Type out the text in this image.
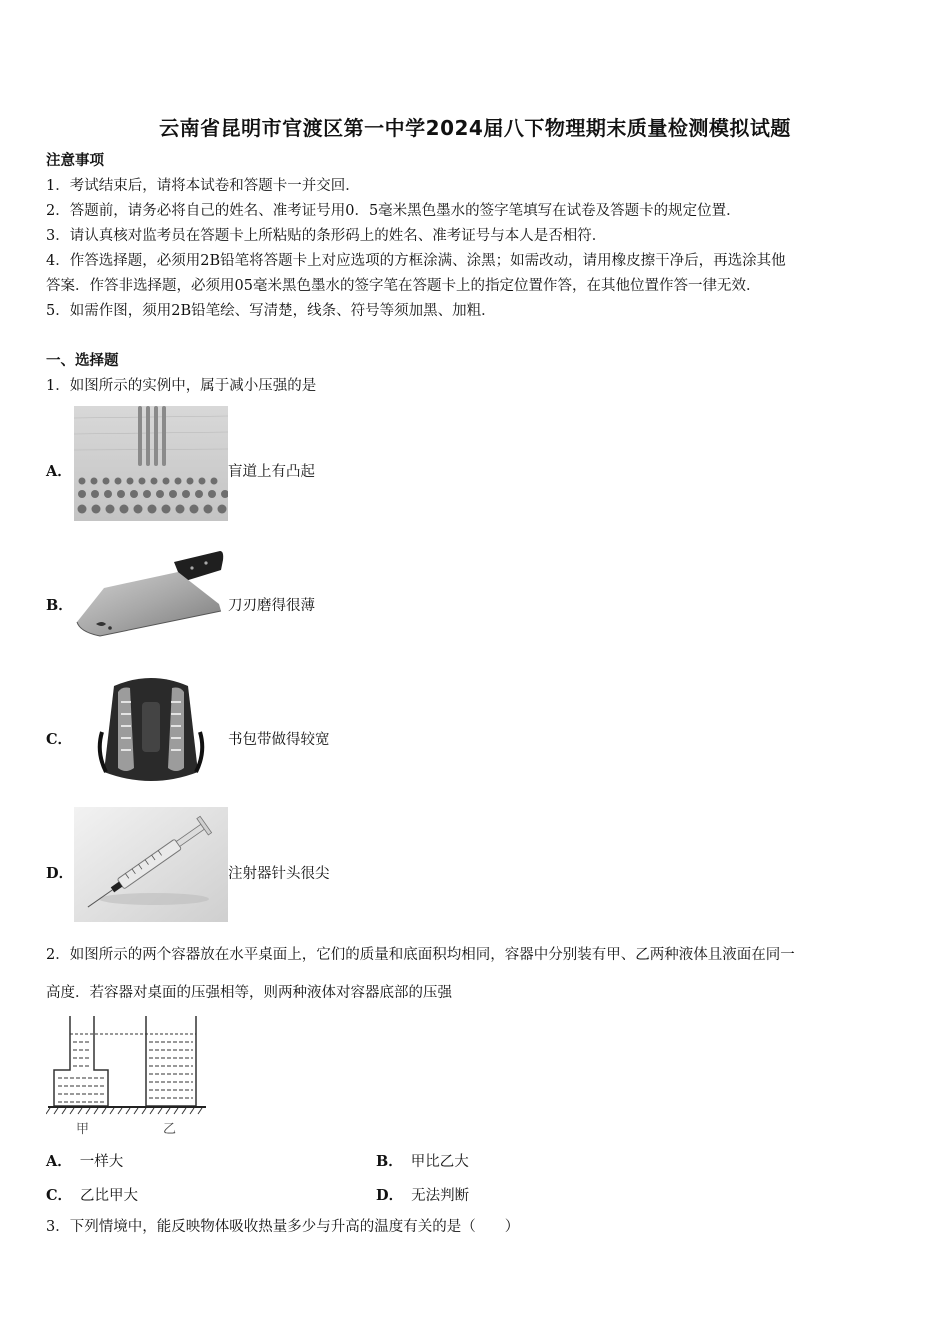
云南省昆明市官渡区第一中学2024届八下物理期末质量检测模拟试题
注意事项
1．考试结束后，请将本试卷和答题卡一并交回．
2．答题前，请务必将自己的姓名、准考证号用0．5毫米黑色墨水的签字笔填写在试卷及答题卡的规定位置．
3．请认真核对监考员在答题卡上所粘贴的条形码上的姓名、准考证号与本人是否相符．
4．作答选择题，必须用2B铅笔将答题卡上对应选项的方框涂满、涂黑；如需改动，请用橡皮擦干净后，再选涂其他
答案．作答非选择题，必须用05毫米黑色墨水的签字笔在答题卡上的指定位置作答，在其他位置作答一律无效．
5．如需作图，须用2B铅笔绘、写清楚，线条、符号等须加黑、加粗．
一、选择题
1．如图所示的实例中，属于减小压强的是
A．	盲道上有凸起
B．	刀刃磨得很薄
C．	书包带做得较宽
D．	注射器针头很尖
2．如图所示的两个容器放在水平桌面上，它们的质量和底面积均相同，容器中分别装有甲、乙两种液体且液面在同一
高度．若容器对桌面的压强相等，则两种液体对容器底部的压强
甲	乙
A． 一样大	B． 甲比乙大
C． 乙比甲大	D． 无法判断
3．下列情境中，能反映物体吸收热量多少与升高的温度有关的是（　　）
